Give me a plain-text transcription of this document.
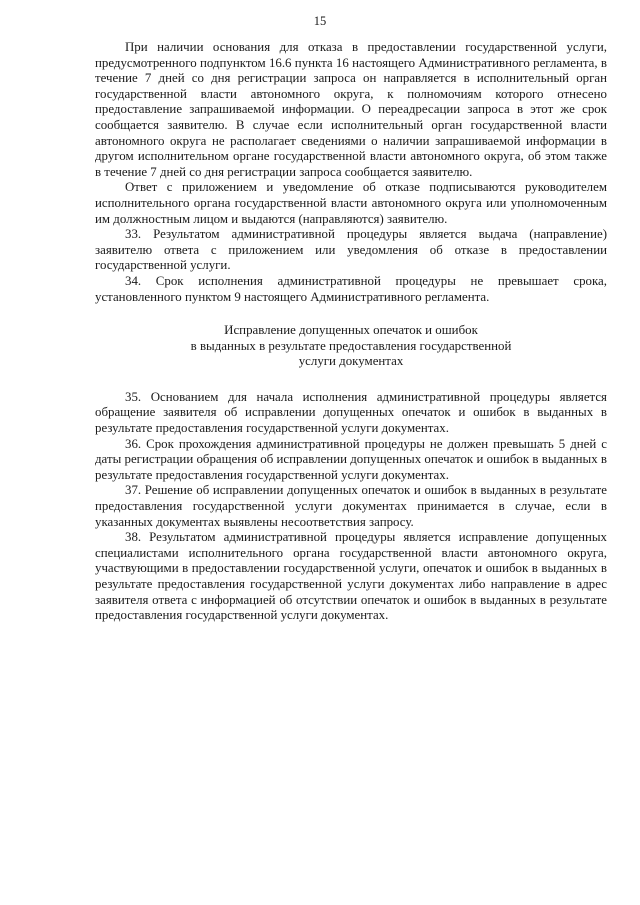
15

При наличии основания для отказа в предоставлении государственной услуги, предусмотренного подпунктом 16.6 пункта 16 настоящего Административного регламента, в течение 7 дней со дня регистрации запроса он направляется в исполнительный орган государственной власти автономного округа, к полномочиям которого отнесено предоставление запрашиваемой информации. О переадресации запроса в этот же срок сообщается заявителю. В случае если исполнительный орган государственной власти автономного округа не располагает сведениями о наличии запрашиваемой информации в другом исполнительном органе государственной власти автономного округа, об этом также в течение 7 дней со дня регистрации запроса сообщается заявителю.

Ответ с приложением и уведомление об отказе подписываются руководителем исполнительного органа государственной власти автономного округа или уполномоченным им должностным лицом и выдаются (направляются) заявителю.

33. Результатом административной процедуры является выдача (направление) заявителю ответа с приложением или уведомления об отказе в предоставлении государственной услуги.

34. Срок исполнения административной процедуры не превышает срока, установленного пунктом 9 настоящего Административного регламента.

Исправление допущенных опечаток и ошибок
в выданных в результате предоставления государственной
услуги документах

35. Основанием для начала исполнения административной процедуры является обращение заявителя об исправлении допущенных опечаток и ошибок в выданных в результате предоставления государственной услуги документах.

36. Срок прохождения административной процедуры не должен превышать 5 дней с даты регистрации обращения об исправлении допущенных опечаток и ошибок в выданных в результате предоставления государственной услуги документах.

37. Решение об исправлении допущенных опечаток и ошибок в выданных в результате предоставления государственной услуги документах принимается в случае, если в указанных документах выявлены несоответствия запросу.

38. Результатом административной процедуры является исправление допущенных специалистами исполнительного органа государственной власти автономного округа, участвующими в предоставлении государственной услуги, опечаток и ошибок в выданных в результате предоставления государственной услуги документах либо направление в адрес заявителя ответа с информацией об отсутствии опечаток и ошибок в выданных в результате предоставления государственной услуги документах.
